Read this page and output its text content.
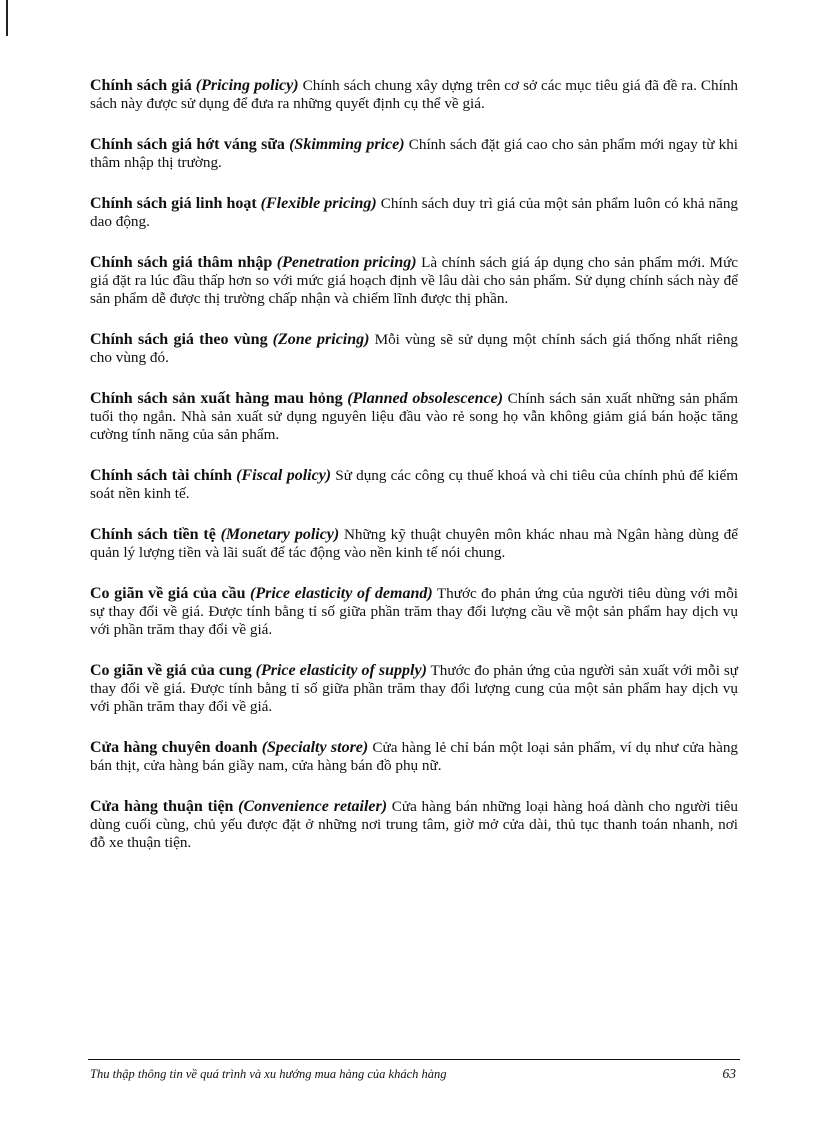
Chính sách giá (Pricing policy) Chính sách chung xây dựng trên cơ sở các mục tiêu giá đã đề ra. Chính sách này được sử dụng để đưa ra những quyết định cụ thể về giá.

Chính sách giá hớt váng sữa (Skimming price) Chính sách đặt giá cao cho sản phẩm mới ngay từ khi thâm nhập thị trường.

Chính sách giá linh hoạt (Flexible pricing) Chính sách duy trì giá của một sản phẩm luôn có khả năng dao động.

Chính sách giá thâm nhập (Penetration pricing) Là chính sách giá áp dụng cho sản phẩm mới. Mức giá đặt ra lúc đầu thấp hơn so với mức giá hoạch định về lâu dài cho sản phẩm. Sử dụng chính sách này để sản phẩm dễ được thị trường chấp nhận và chiếm lĩnh được thị phần.

Chính sách giá theo vùng (Zone pricing) Mỗi vùng sẽ sử dụng một chính sách giá thống nhất riêng cho vùng đó.

Chính sách sản xuất hàng mau hỏng (Planned obsolescence) Chính sách sản xuất những sản phẩm tuổi thọ ngắn. Nhà sản xuất sử dụng nguyên liệu đầu vào rẻ song họ vẫn không giảm giá bán hoặc tăng cường tính năng của sản phẩm.

Chính sách tài chính (Fiscal policy) Sử dụng các công cụ thuế khoá và chi tiêu của chính phủ để kiểm soát nền kinh tế.

Chính sách tiền tệ (Monetary policy) Những kỹ thuật chuyên môn khác nhau mà Ngân hàng dùng để quản lý lượng tiền và lãi suất để tác động vào nền kinh tế nói chung.

Co giãn về giá của cầu (Price elasticity of demand) Thước đo phản ứng của người tiêu dùng với mỗi sự thay đổi về giá. Được tính bằng tỉ số giữa phần trăm thay đổi lượng cầu về một sản phẩm hay dịch vụ với phần trăm thay đổi về giá.

Co giãn về giá của cung (Price elasticity of supply) Thước đo phản ứng của người sản xuất với mỗi sự thay đổi về giá. Được tính bằng tỉ số giữa phần trăm thay đổi lượng cung của một sản phẩm hay dịch vụ với phần trăm thay đổi về giá.

Cửa hàng chuyên doanh (Specialty store) Cửa hàng lẻ chỉ bán một loại sản phẩm, ví dụ như cửa hàng bán thịt, cửa hàng bán giầy nam, cửa hàng bán đồ phụ nữ.

Cửa hàng thuận tiện (Convenience retailer) Cửa hàng bán những loại hàng hoá dành cho người tiêu dùng cuối cùng, chủ yếu được đặt ở những nơi trung tâm, giờ mở cửa dài, thủ tục thanh toán nhanh, nơi đỗ xe thuận tiện.

Thu thập thông tin về quá trình và xu hướng mua hàng của khách hàng	63
